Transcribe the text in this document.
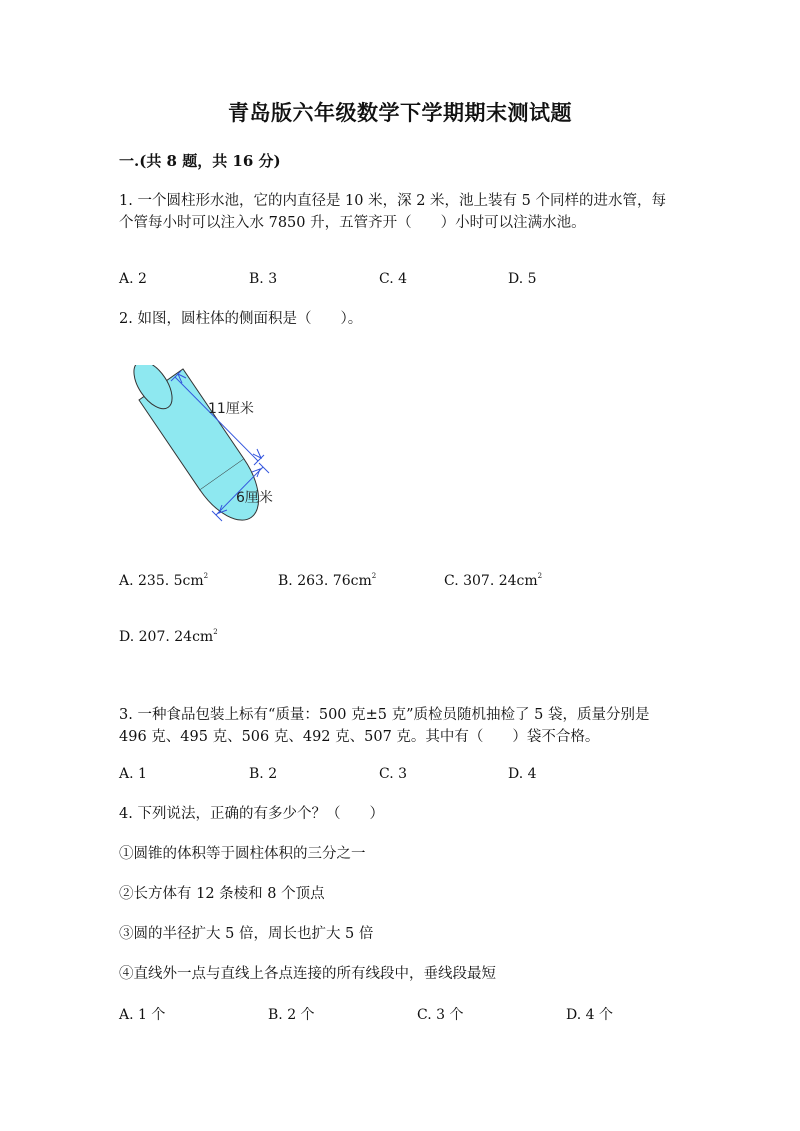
青岛版六年级数学下学期期末测试题
一.(共 8 题，共 16 分)
1. 一个圆柱形水池，它的内直径是 10 米，深 2 米，池上装有 5 个同样的进水管，每个管每小时可以注入水 7850 升，五管齐开（　　）小时可以注满水池。
A. 2	B. 3	C. 4	D. 5
2. 如图，圆柱体的侧面积是（　　）。
11厘米
6厘米
A. 235. $5cm^2$	B. 263. $76cm^2$	C. 307. $24cm^2$
D. 207. $24cm^2$
3. 一种食品包装上标有“质量：500 克±5 克”质检员随机抽检了 5 袋，质量分别是 496 克、495 克、506 克、492 克、507 克。其中有（　　）袋不合格。
A. 1	B. 2	C. 3	D. 4
4. 下列说法，正确的有多少个？（　　）
①圆锥的体积等于圆柱体积的三分之一
②长方体有 12 条棱和 8 个顶点
③圆的半径扩大 5 倍，周长也扩大 5 倍
④直线外一点与直线上各点连接的所有线段中，垂线段最短
A. 1 个	B. 2 个	C. 3 个	D. 4 个
